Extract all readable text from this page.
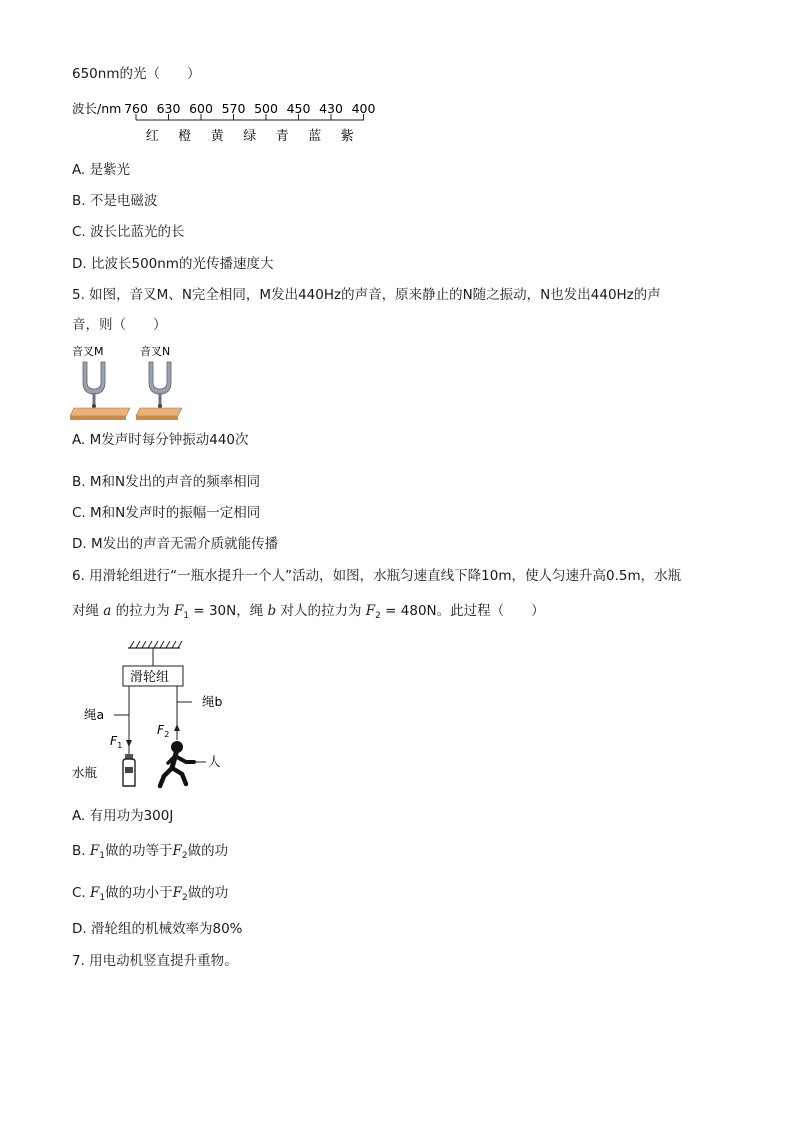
650nm的光（　　）
波长/nm 760 630 600 570 500 450 430 400
红 橙 黄 绿 青 蓝 紫
A. 是紫光
B. 不是电磁波
C. 波长比蓝光的长
D. 比波长500nm的光传播速度大
5. 如图，音叉M、N完全相同，M发出440Hz的声音，原来静止的N随之振动，N也发出440Hz的声
音，则（　　）
音叉M	音叉N
A. M发声时每分钟振动440次
B. M和N发出的声音的频率相同
C. M和N发声时的振幅一定相同
D. M发出的声音无需介质就能传播
6. 用滑轮组进行“一瓶水提升一个人”活动，如图，水瓶匀速直线下降10m，使人匀速升高0.5m，水瓶
对绳 a 的拉力为 $F_1 = 30N$，绳 b 对人的拉力为 $F_2 = 480N$。此过程（　　）
滑轮组
绳a
$F_1$
水瓶
绳b
$F_2$
人
A. 有用功为300J
B. $F_1$做的功等于$F_2$做的功
C. $F_1$做的功小于$F_2$做的功
D. 滑轮组的机械效率为80%
7. 用电动机竖直提升重物。
